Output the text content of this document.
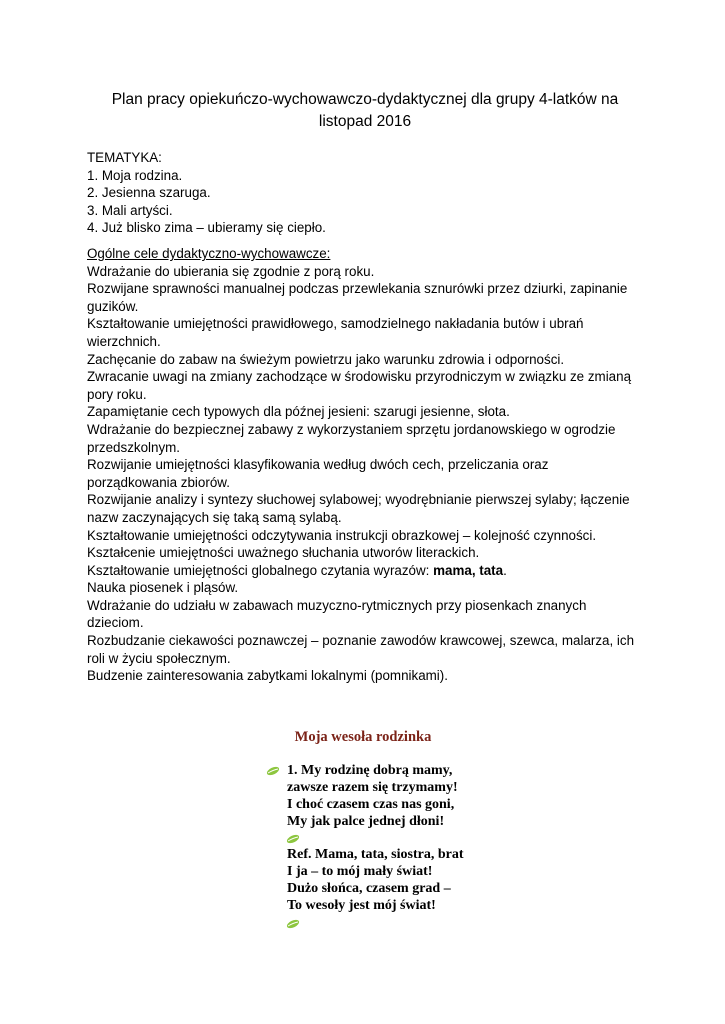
Plan pracy opiekuńczo-wychowawczo-dydaktycznej dla grupy 4-latków na
listopad 2016
TEMATYKA:
1. Moja rodzina.
2. Jesienna szaruga.
3. Mali artyści.
4. Już blisko zima – ubieramy się ciepło.
Ogólne cele dydaktyczno-wychowawcze:
Wdrażanie do ubierania się zgodnie z porą roku.
Rozwijane sprawności manualnej podczas przewlekania sznurówki przez dziurki, zapinanie
guzików.
Kształtowanie umiejętności prawidłowego, samodzielnego nakładania butów i ubrań
wierzchnich.
Zachęcanie do zabaw na świeżym powietrzu jako warunku zdrowia i odporności.
Zwracanie uwagi na zmiany zachodzące w środowisku przyrodniczym w związku ze zmianą
pory roku.
Zapamiętanie cech typowych dla późnej jesieni: szarugi jesienne, słota.
Wdrażanie do bezpiecznej zabawy z wykorzystaniem sprzętu jordanowskiego w ogrodzie
przedszkolnym.
Rozwijanie umiejętności klasyfikowania według dwóch cech, przeliczania oraz
porządkowania zbiorów.
Rozwijanie analizy i syntezy słuchowej sylabowej; wyodrębnianie pierwszej sylaby; łączenie
nazw zaczynających się taką samą sylabą.
Kształtowanie umiejętności odczytywania instrukcji obrazkowej – kolejność czynności.
Kształcenie umiejętności uważnego słuchania utworów literackich.
Kształtowanie umiejętności globalnego czytania wyrazów: mama, tata.
Nauka piosenek i pląsów.
Wdrażanie do udziału w zabawach muzyczno-rytmicznych przy piosenkach znanych
dzieciom.
Rozbudzanie ciekawości poznawczej – poznanie zawodów krawcowej, szewca, malarza, ich
roli w życiu społecznym.
Budzenie zainteresowania zabytkami lokalnymi (pomnikami).
Moja wesoła rodzinka
1. My rodzinę dobrą mamy,
zawsze razem się trzymamy!
I choć czasem czas nas goni,
My jak palce jednej dłoni!
Ref. Mama, tata, siostra, brat
I ja – to mój mały świat!
Dużo słońca, czasem grad –
To wesoły jest mój świat!
